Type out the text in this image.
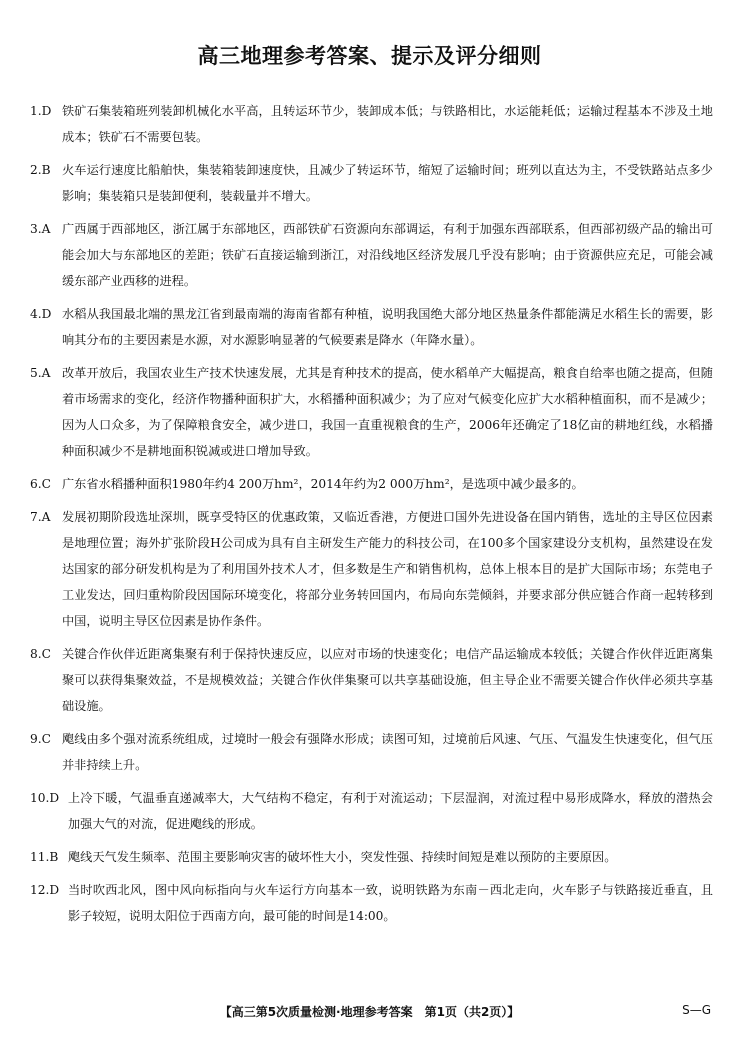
高三地理参考答案、提示及评分细则
1.D 铁矿石集装箱班列装卸机械化水平高，且转运环节少，装卸成本低；与铁路相比，水运能耗低；运输过程基本不涉及土地成本；铁矿石不需要包装。
2.B 火车运行速度比船舶快，集装箱装卸速度快，且减少了转运环节，缩短了运输时间；班列以直达为主，不受铁路站点多少影响；集装箱只是装卸便利，装载量并不增大。
3.A 广西属于西部地区，浙江属于东部地区，西部铁矿石资源向东部调运，有利于加强东西部联系，但西部初级产品的输出可能会加大与东部地区的差距；铁矿石直接运输到浙江，对沿线地区经济发展几乎没有影响；由于资源供应充足，可能会减缓东部产业西移的进程。
4.D 水稻从我国最北端的黑龙江省到最南端的海南省都有种植，说明我国绝大部分地区热量条件都能满足水稻生长的需要，影响其分布的主要因素是水源，对水源影响显著的气候要素是降水（年降水量）。
5.A 改革开放后，我国农业生产技术快速发展，尤其是育种技术的提高，使水稻单产大幅提高，粮食自给率也随之提高，但随着市场需求的变化，经济作物播种面积扩大，水稻播种面积减少；为了应对气候变化应扩大水稻种植面积，而不是减少；因为人口众多，为了保障粮食安全，减少进口，我国一直重视粮食的生产，2006年还确定了18亿亩的耕地红线，水稻播种面积减少不是耕地面积锐减或进口增加导致。
6.C 广东省水稻播种面积1980年约4 200万hm²，2014年约为2 000万hm²，是选项中减少最多的。
7.A 发展初期阶段选址深圳，既享受特区的优惠政策，又临近香港，方便进口国外先进设备在国内销售，选址的主导区位因素是地理位置；海外扩张阶段H公司成为具有自主研发生产能力的科技公司，在100多个国家建设分支机构，虽然建设在发达国家的部分研发机构是为了利用国外技术人才，但多数是生产和销售机构，总体上根本目的是扩大国际市场；东莞电子工业发达，回归重构阶段因国际环境变化，将部分业务转回国内，布局向东莞倾斜，并要求部分供应链合作商一起转移到中国，说明主导区位因素是协作条件。
8.C 关键合作伙伴近距离集聚有利于保持快速反应，以应对市场的快速变化；电信产品运输成本较低；关键合作伙伴近距离集聚可以获得集聚效益，不是规模效益；关键合作伙伴集聚可以共享基础设施，但主导企业不需要关键合作伙伴必须共享基础设施。
9.C 飑线由多个强对流系统组成，过境时一般会有强降水形成；读图可知，过境前后风速、气压、气温发生快速变化，但气压并非持续上升。
10.D 上冷下暖，气温垂直递减率大，大气结构不稳定，有利于对流运动；下层湿润，对流过程中易形成降水，释放的潜热会加强大气的对流，促进飑线的形成。
11.B 飑线天气发生频率、范围主要影响灾害的破坏性大小，突发性强、持续时间短是难以预防的主要原因。
12.D 当时吹西北风，图中风向标指向与火车运行方向基本一致，说明铁路为东南－西北走向，火车影子与铁路接近垂直，且影子较短，说明太阳位于西南方向，最可能的时间是14:00。
【高三第5次质量检测·地理参考答案　第1页（共2页）】	S—G
